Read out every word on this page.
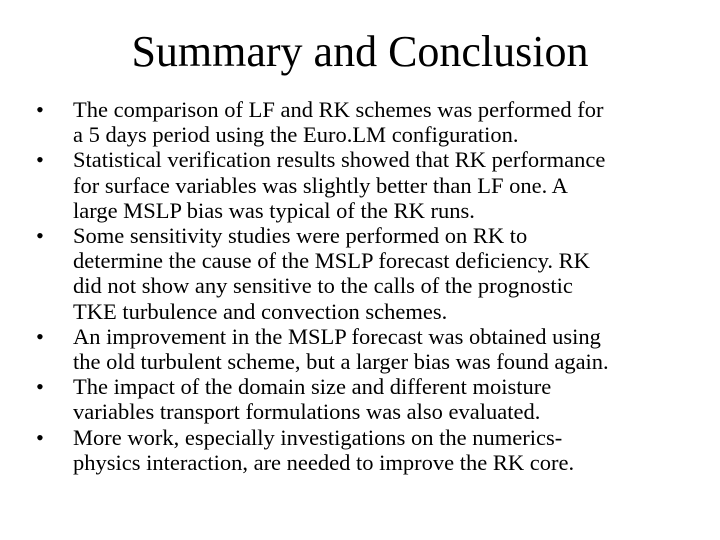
Summary and Conclusion
•	The comparison of LF and RK schemes was performed for
a 5 days period using the Euro.LM configuration.
•	Statistical verification results showed that RK performance
for surface variables was slightly better than LF one. A
large MSLP bias was typical of the RK runs.
•	Some sensitivity studies were performed on RK to
determine the cause of the MSLP forecast deficiency. RK
did not show any sensitive to the calls of the prognostic
TKE turbulence and convection schemes.
•	An improvement in the MSLP forecast was obtained using
the old turbulent scheme, but a larger bias was found again.
•	The impact of the domain size and different moisture
variables transport formulations was also evaluated.
•	More work, especially investigations on the numerics-
physics interaction, are needed to improve the RK core.
